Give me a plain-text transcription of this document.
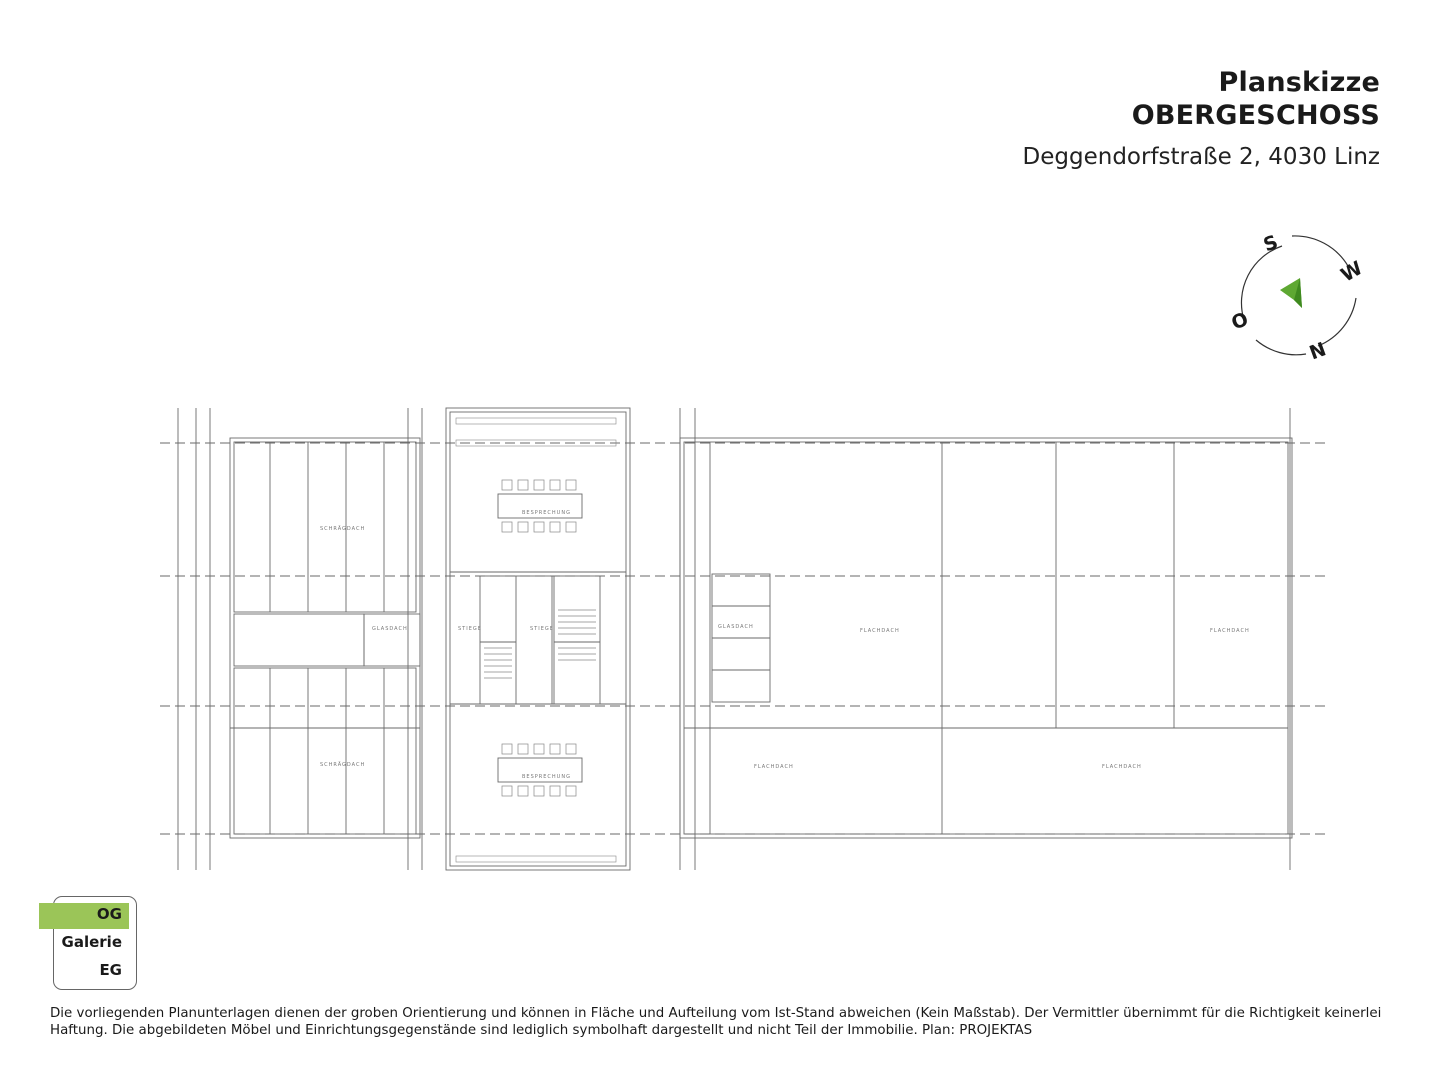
Planskizze
OBERGESCHOSS
Deggendorfstraße 2, 4030 Linz
S
W
N
O
SCHRÄGDACH
SCHRÄGDACH
GLASDACH	GLASDACH
FLACHDACH	FLACHDACH
FLACHDACH	FLACHDACH
BESPRECHUNG
BESPRECHUNG
STIEGE	STIEGE
OG
Galerie
EG
Die vorliegenden Planunterlagen dienen der groben Orientierung und können in Fläche und Aufteilung vom Ist-Stand abweichen (Kein Maßstab). Der Vermittler übernimmt für die Richtigkeit keinerlei Haftung. Die abgebildeten Möbel und Einrichtungsgegenstände sind lediglich symbolhaft dargestellt und nicht Teil der Immobilie. Plan: PROJEKTAS
